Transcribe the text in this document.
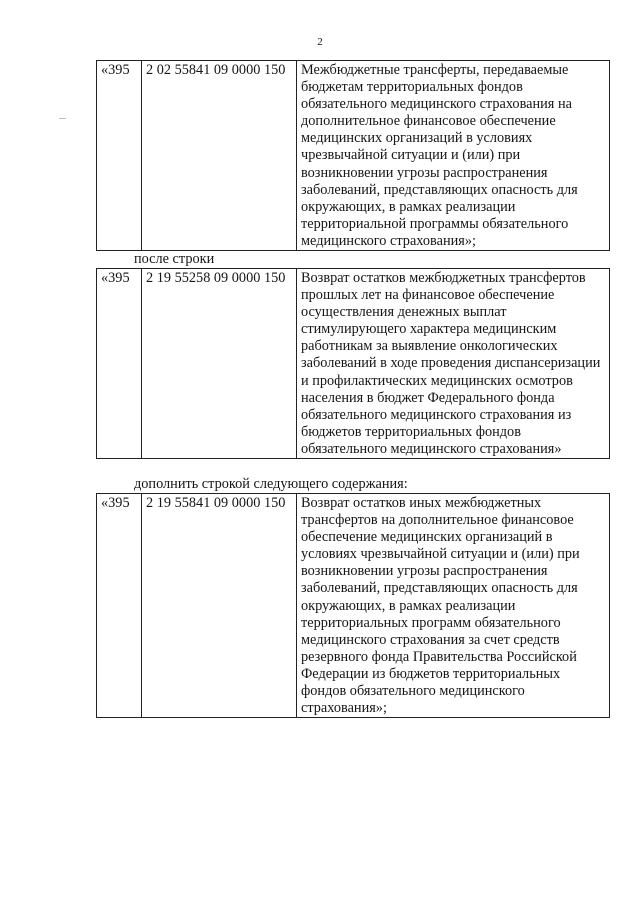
2
«395	2 02 55841 09 0000 150	Межбюджетные трансферты, передаваемые бюджетам территориальных фондов обязательного медицинского страхования на дополнительное финансовое обеспечение медицинских организаций в условиях чрезвычайной ситуации и (или) при возникновении угрозы распространения заболеваний, представляющих опасность для окружающих, в рамках реализации территориальной программы обязательного медицинского страхования»;
после строки
«395	2 19 55258 09 0000 150	Возврат остатков межбюджетных трансфертов прошлых лет на финансовое обеспечение осуществления денежных выплат стимулирующего характера медицинским работникам за выявление онкологических заболеваний в ходе проведения диспансеризации и профилактических медицинских осмотров населения в бюджет Федерального фонда обязательного медицинского страхования из бюджетов территориальных фондов обязательного медицинского страхования»
дополнить строкой следующего содержания:
«395	2 19 55841 09 0000 150	Возврат остатков иных межбюджетных трансфертов на дополнительное финансовое обеспечение медицинских организаций в условиях чрезвычайной ситуации и (или) при возникновении угрозы распространения заболеваний, представляющих опасность для окружающих, в рамках реализации территориальных программ обязательного медицинского страхования за счет средств резервного фонда Правительства Российской Федерации из бюджетов территориальных фондов обязательного медицинского страхования»;
